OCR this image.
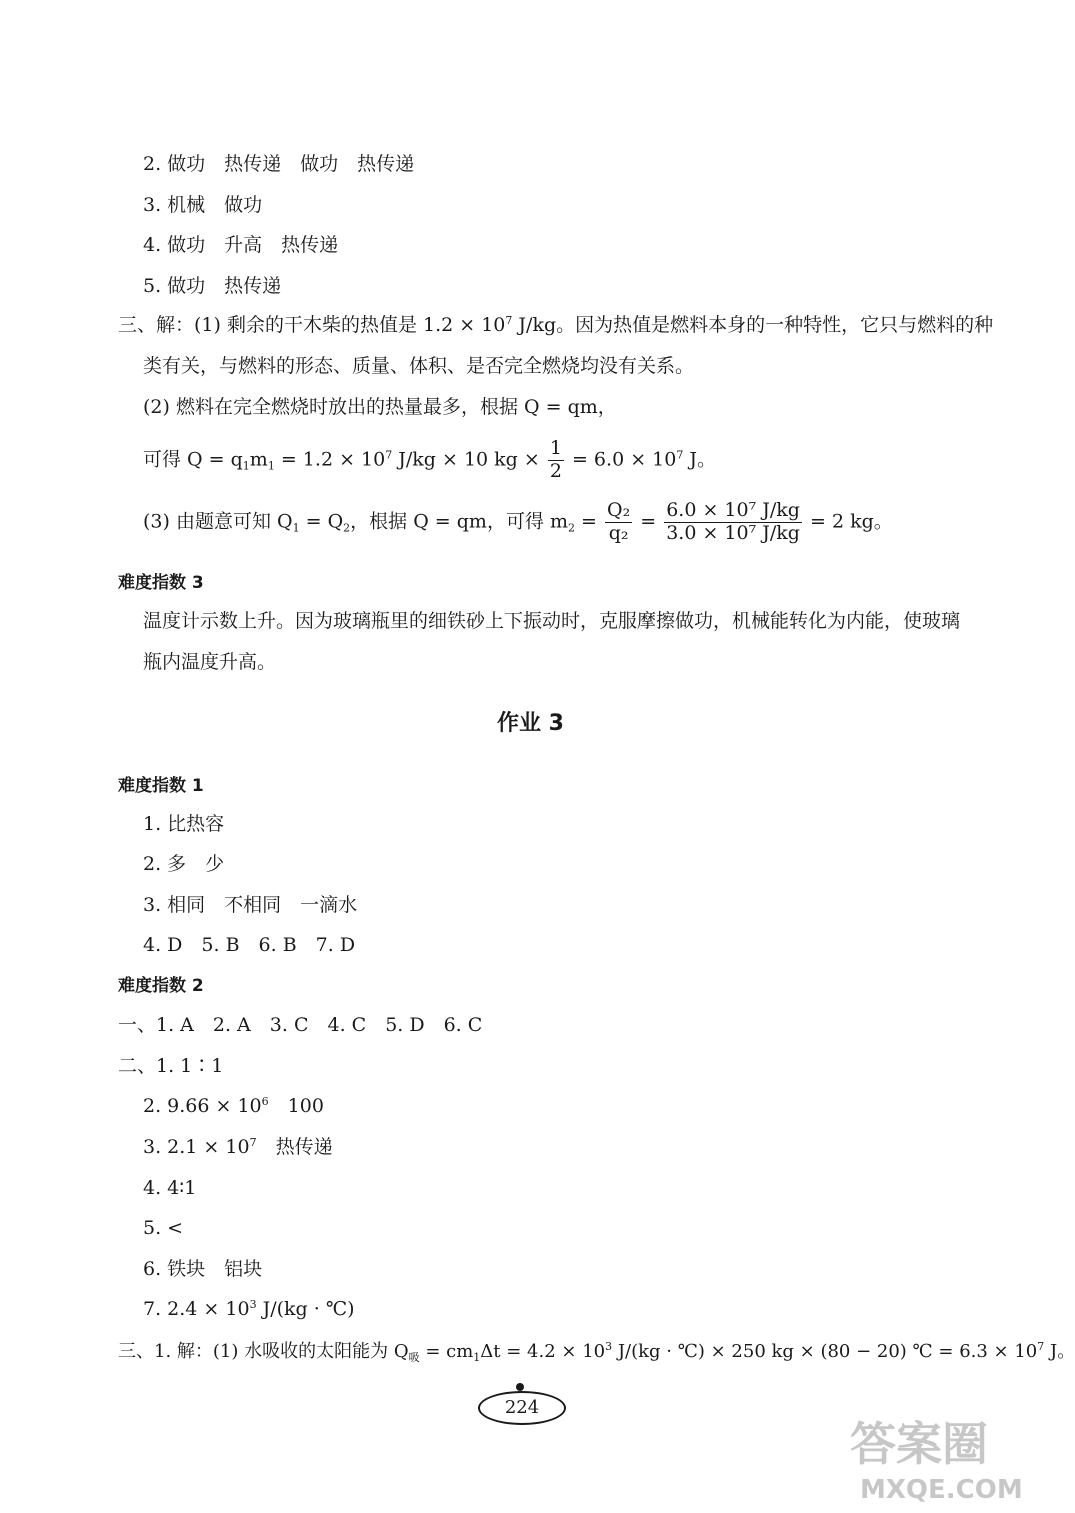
2. 做功　热传递　做功　热传递
3. 机械　做功
4. 做功　升高　热传递
5. 做功　热传递
三、解：(1) 剩余的干木柴的热值是 $1.2 \times 10^7$ J/kg。因为热值是燃料本身的一种特性，它只与燃料的种
类有关，与燃料的形态、质量、体积、是否完全燃烧均没有关系。
(2) 燃料在完全燃烧时放出的热量最多，根据 Q = qm，
可得 $Q = q_1m_1 = 1.2 \times 10^7$ J/kg × 10 kg × $\frac{1}{2} = 6.0 \times 10^7$ J。
(3) 由题意可知 $Q_1 = Q_2$，根据 Q = qm，可得 $m_2 = \frac{\text{Q₂}}{\text{q₂}} = \frac{\text{6.0 × 10⁷ J/kg}}{\text{3.0 × 10⁷ J/kg}} = 2$ kg。
难度指数 3
温度计示数上升。因为玻璃瓶里的细铁砂上下振动时，克服摩擦做功，机械能转化为内能，使玻璃
瓶内温度升高。
作业 3
难度指数 1
1. 比热容
2. 多　少
3. 相同　不相同　一滴水
4. D　5. B　6. B　7. D
难度指数 2
一、1. A　2. A　3. C　4. C　5. D　6. C
二、1. 1∶1
2. $9.66 \times 10^6$　100
3. $2.1 \times 10^7$　热传递
4. 4∶1
5. <
6. 铁块　铝块
7. $2.4 \times 10^3$ J/(kg · ℃)
三、1. 解：(1) 水吸收的太阳能为 $Q_吸 = cm_1\Delta t = 4.2 \times 10^3$ J/(kg · ℃) × 250 kg × (80 − 20) ℃ = $6.3 \times 10^7$ J。
224
答案圈
MXQE.COM
